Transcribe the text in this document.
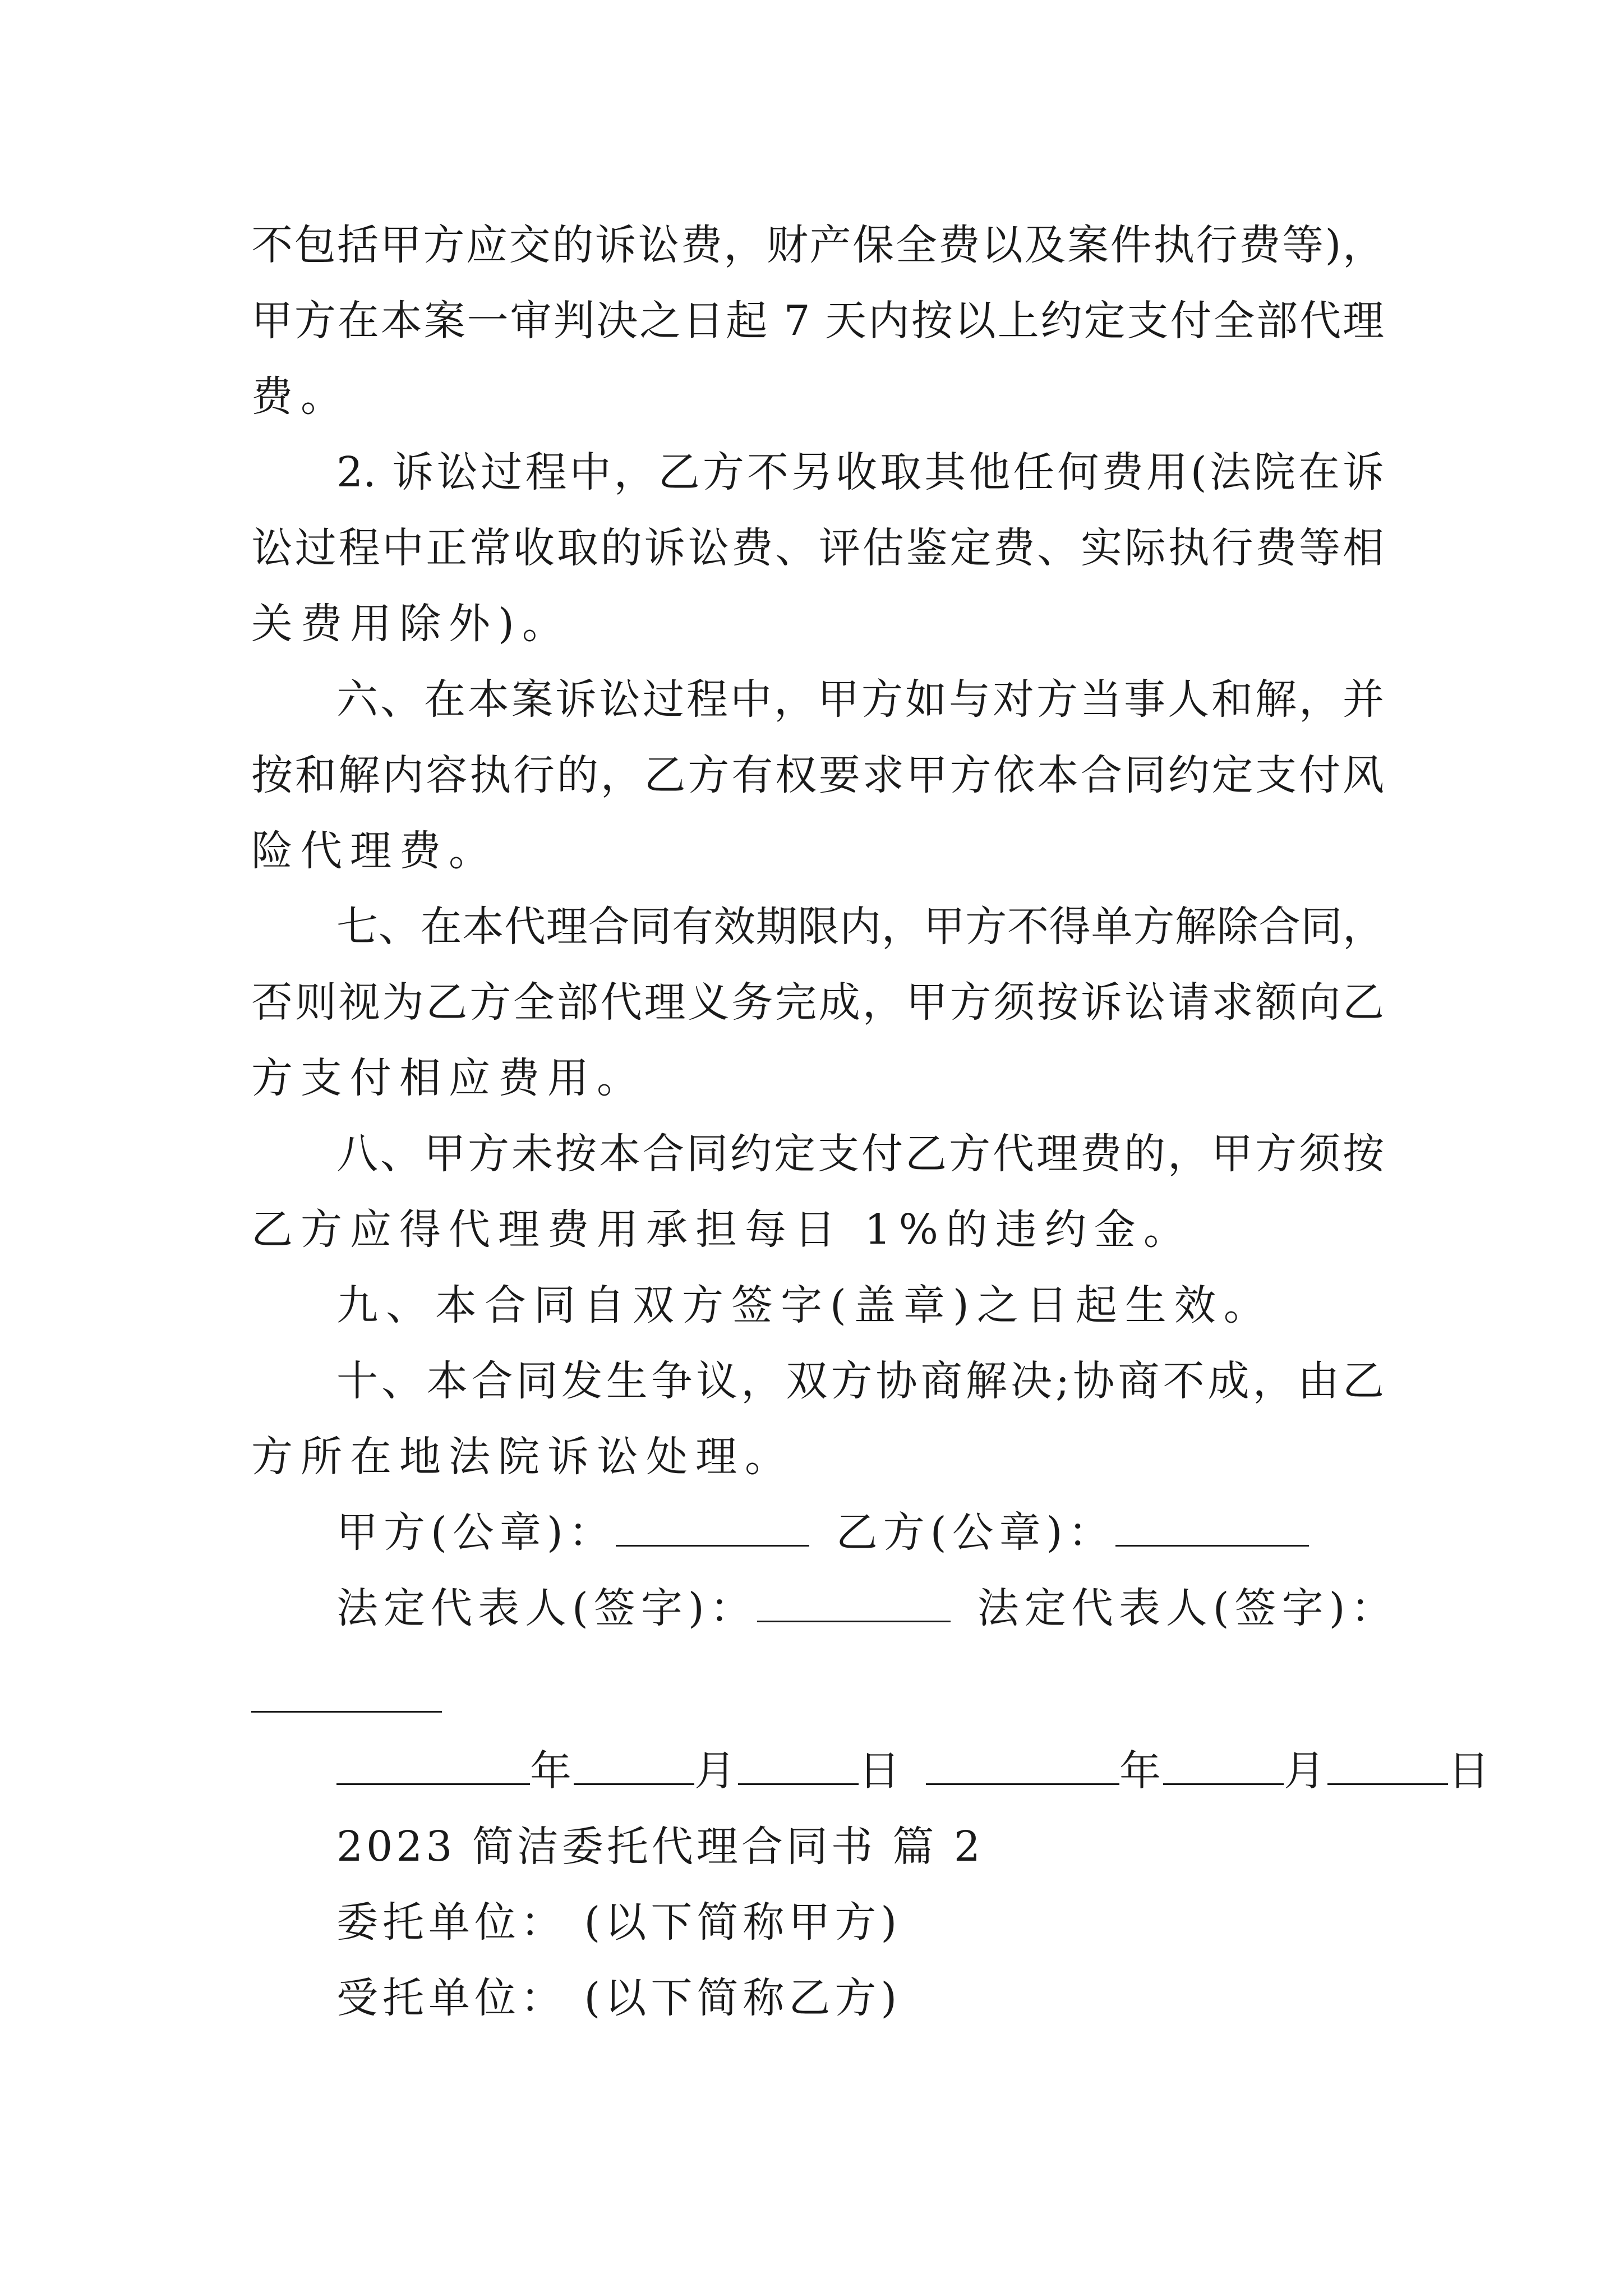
不包括甲方应交的诉讼费，财产保全费以及案件执行费等)，
甲方在本案一审判决之日起 7 天内按以上约定支付全部代理
费。
2. 诉讼过程中，乙方不另收取其他任何费用(法院在诉
讼过程中正常收取的诉讼费、评估鉴定费、实际执行费等相
关费用除外)。
六、在本案诉讼过程中，甲方如与对方当事人和解，并
按和解内容执行的，乙方有权要求甲方依本合同约定支付风
险代理费。
七、在本代理合同有效期限内，甲方不得单方解除合同，
否则视为乙方全部代理义务完成，甲方须按诉讼请求额向乙
方支付相应费用。
八、甲方未按本合同约定支付乙方代理费的，甲方须按
乙方应得代理费用承担每日 1%的违约金。
九、本合同自双方签字(盖章)之日起生效。
十、本合同发生争议，双方协商解决;协商不成，由乙
方所在地法院诉讼处理。
甲方(公章)：	乙方(公章)：
法定代表人(签字)：	法定代表人(签字)：
年	月	日	年	月	日
2023 简洁委托代理合同书 篇 2
委托单位： (以下简称甲方)
受托单位： (以下简称乙方)
